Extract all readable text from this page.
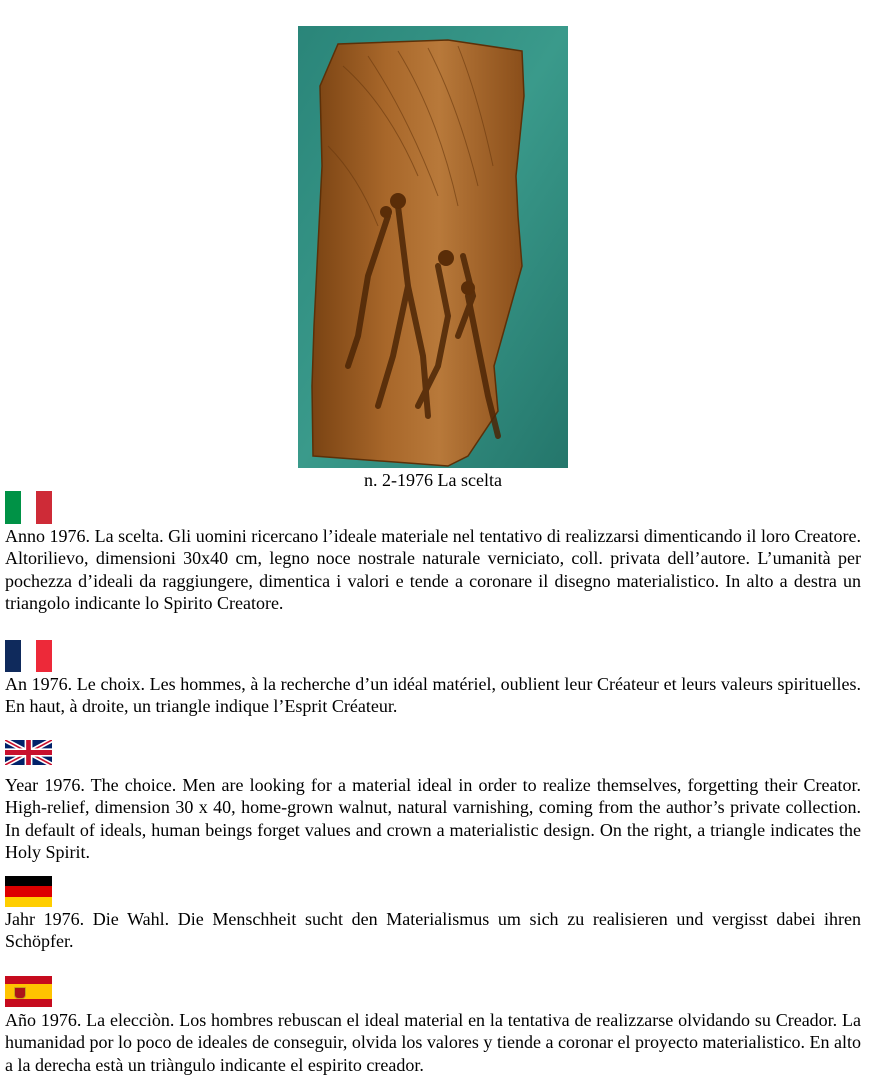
n. 2-1976 La scelta

Anno 1976. La scelta. Gli uomini ricercano l’ideale materiale nel tentativo di realizzarsi dimenticando il loro Creatore. Altorilievo, dimensioni 30x40 cm, legno noce nostrale naturale verniciato, coll. privata dell’autore. L’umanità per pochezza d’ideali da raggiungere, dimentica i valori e tende a coronare il disegno materialistico. In alto a destra un triangolo indicante lo Spirito Creatore.

An 1976. Le choix. Les hommes, à la recherche d’un idéal matériel, oublient leur Créateur et leurs valeurs spirituelles. En haut, à droite, un triangle indique l’Esprit Créateur.

Year 1976. The choice. Men are looking for a material ideal in order to realize themselves, forgetting their Creator. High-relief, dimension 30 x 40, home-grown walnut, natural varnishing, coming from the author’s private collection. In default of ideals, human beings forget values and crown a materialistic design. On the right, a triangle indicates the Holy Spirit.

Jahr 1976. Die Wahl. Die Menschheit sucht den Materialismus um sich zu realisieren und vergisst dabei ihren Schöpfer.

Año 1976. La elecciòn. Los hombres rebuscan el ideal material en la tentativa de realizzarse olvidando su Creador. La humanidad por lo poco de ideales de conseguir, olvida los valores y tiende a coronar el proyecto materialistico. En alto a la derecha està un triàngulo indicante el espirito creador.
